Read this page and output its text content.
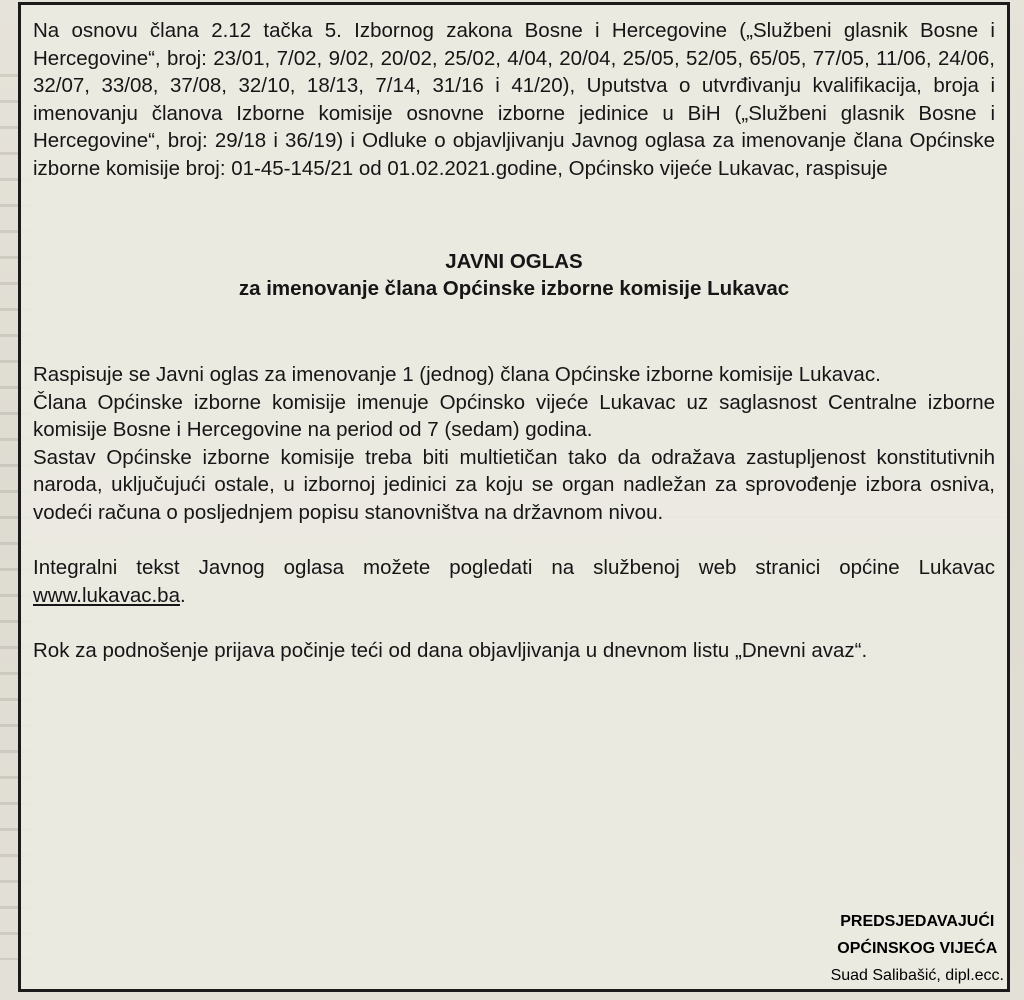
Na osnovu člana 2.12 tačka 5. Izbornog zakona Bosne i Hercegovine („Službeni glasnik Bosne i Hercegovine“, broj: 23/01, 7/02, 9/02, 20/02, 25/02, 4/04, 20/04, 25/05, 52/05, 65/05, 77/05, 11/06, 24/06, 32/07, 33/08, 37/08, 32/10, 18/13, 7/14, 31/16 i 41/20), Uputstva o utvrđivanju kvalifikacija, broja i imenovanju članova Izborne komisije osnovne izborne jedinice u BiH („Službeni glasnik Bosne i Hercegovine“, broj: 29/18 i 36/19) i Odluke o objavljivanju Javnog oglasa za imenovanje člana Općinske izborne komisije broj: 01-45-145/21 od 01.02.2021.godine, Općinsko vijeće Lukavac, raspisuje

JAVNI OGLAS
za imenovanje člana Općinske izborne komisije Lukavac

Raspisuje se Javni oglas za imenovanje 1 (jednog) člana Općinske izborne komisije Lukavac.

Člana Općinske izborne komisije imenuje Općinsko vijeće Lukavac uz saglasnost Centralne izborne komisije Bosne i Hercegovine na period od 7 (sedam) godina.

Sastav Općinske izborne komisije treba biti multietičan tako da odražava zastupljenost konstitutivnih naroda, uključujući ostale, u izbornoj jedinici za koju se organ nadležan za sprovođenje izbora osniva, vodeći računa o posljednjem popisu stanovništva na državnom nivou.

Integralni tekst Javnog oglasa možete pogledati na službenoj web stranici općine Lukavac www.lukavac.ba.

Rok za podnošenje prijava počinje teći od dana objavljivanja u dnevnom listu „Dnevni avaz“.

PREDSJEDAVAJUĆI
OPĆINSKOG VIJEĆA
Suad Salibašić, dipl.ecc.
